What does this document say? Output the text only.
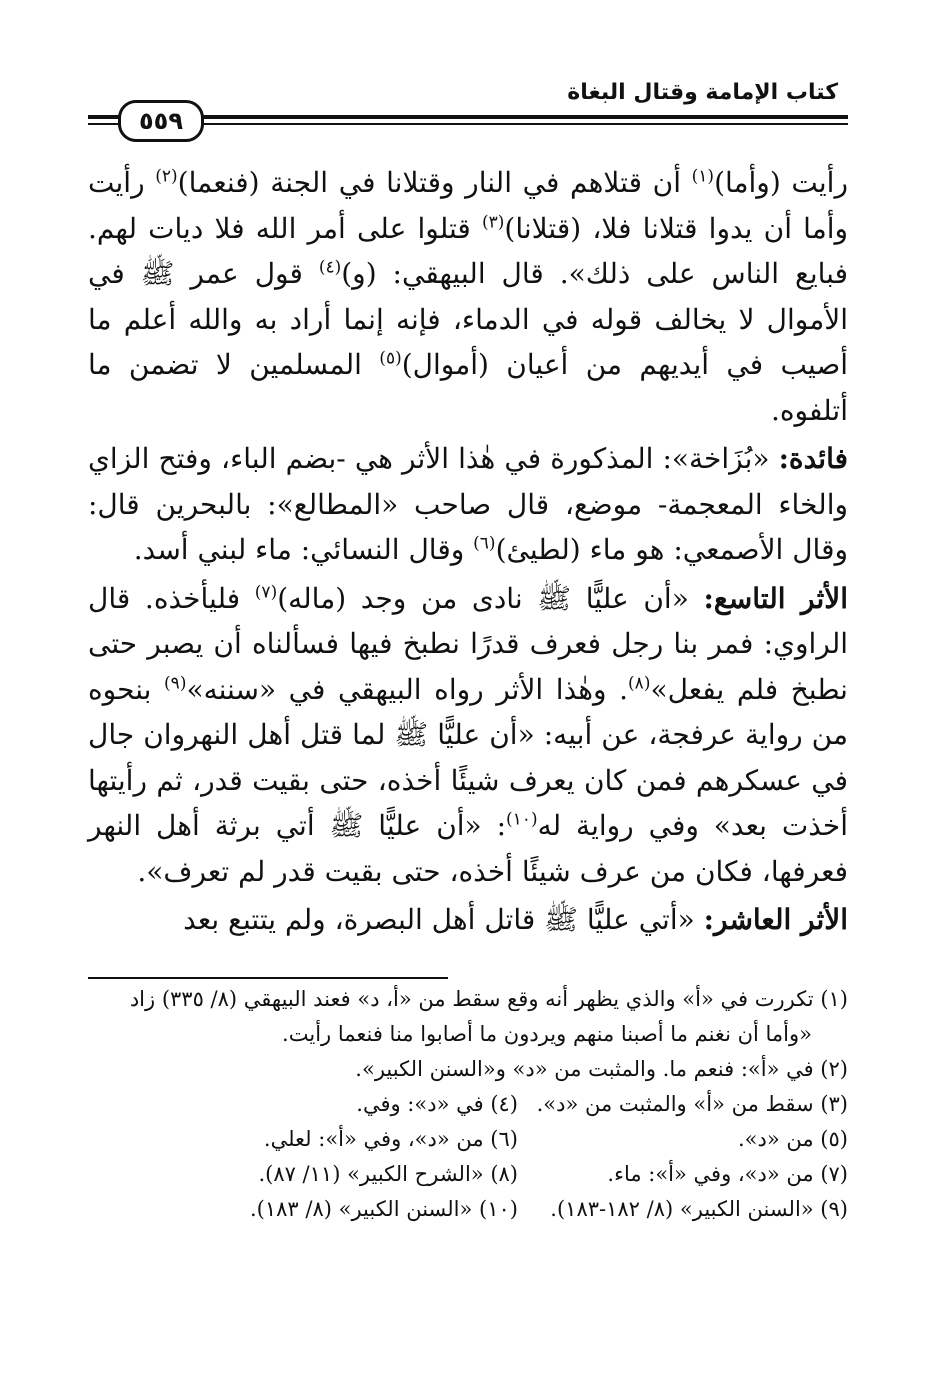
كتاب الإمامة وقتال البغاة
٥٥٩

رأيت (وأما)$^{(١)}$ أن قتلاهم في النار وقتلانا في الجنة (فنعما)$^{(٢)}$ رأيت وأما أن يدوا قتلانا فلا، (قتلانا)$^{(٣)}$ قتلوا على أمر الله فلا ديات لهم. فبايع الناس على ذلك». قال البيهقي: (و)$^{(٤)}$ قول عمر ﷺ في الأموال لا يخالف قوله في الدماء، فإنه إنما أراد به والله أعلم ما أصيب في أيديهم من أعيان (أموال)$^{(٥)}$ المسلمين لا تضمن ما أتلفوه.

فائدة: «بُزَاخة»: المذكورة في هٰذا الأثر هي -بضم الباء، وفتح الزاي والخاء المعجمة- موضع، قال صاحب «المطالع»: بالبحرين قال: وقال الأصمعي: هو ماء (لطيئ)$^{(٦)}$ وقال النسائي: ماء لبني أسد.

الأثر التاسع: «أن عليًّا ﷺ نادى من وجد (ماله)$^{(٧)}$ فليأخذه. قال الراوي: فمر بنا رجل فعرف قدرًا نطبخ فيها فسألناه أن يصبر حتى نطبخ فلم يفعل»$^{(٨)}$. وهٰذا الأثر رواه البيهقي في «سننه»$^{(٩)}$ بنحوه من رواية عرفجة، عن أبيه: «أن عليًّا ﷺ لما قتل أهل النهروان جال في عسكرهم فمن كان يعرف شيئًا أخذه، حتى بقيت قدر، ثم رأيتها أخذت بعد» وفي رواية له$^{(١٠)}$: «أن عليًّا ﷺ أتي برثة أهل النهر فعرفها، فكان من عرف شيئًا أخذه، حتى بقيت قدر لم تعرف».

الأثر العاشر: «أتي عليًّا ﷺ قاتل أهل البصرة، ولم يتتبع بعد

(١) تكررت في «أ» والذي يظهر أنه وقع سقط من «أ، د» فعند البيهقي (٨/ ٣٣٥) زاد
«وأما أن نغنم ما أصبنا منهم ويردون ما أصابوا منا فنعما رأيت.
(٢) في «أ»: فنعم ما. والمثبت من «د» و«السنن الكبير».
(٣) سقط من «أ» والمثبت من «د».
(٤) في «د»: وفي.
(٥) من «د».
(٦) من «د»، وفي «أ»: لعلي.
(٧) من «د»، وفي «أ»: ماء.
(٨) «الشرح الكبير» (١١/ ٨٧).
(٩) «السنن الكبير» (٨/ ١٨٢-١٨٣).
(١٠) «السنن الكبير» (٨/ ١٨٣).
